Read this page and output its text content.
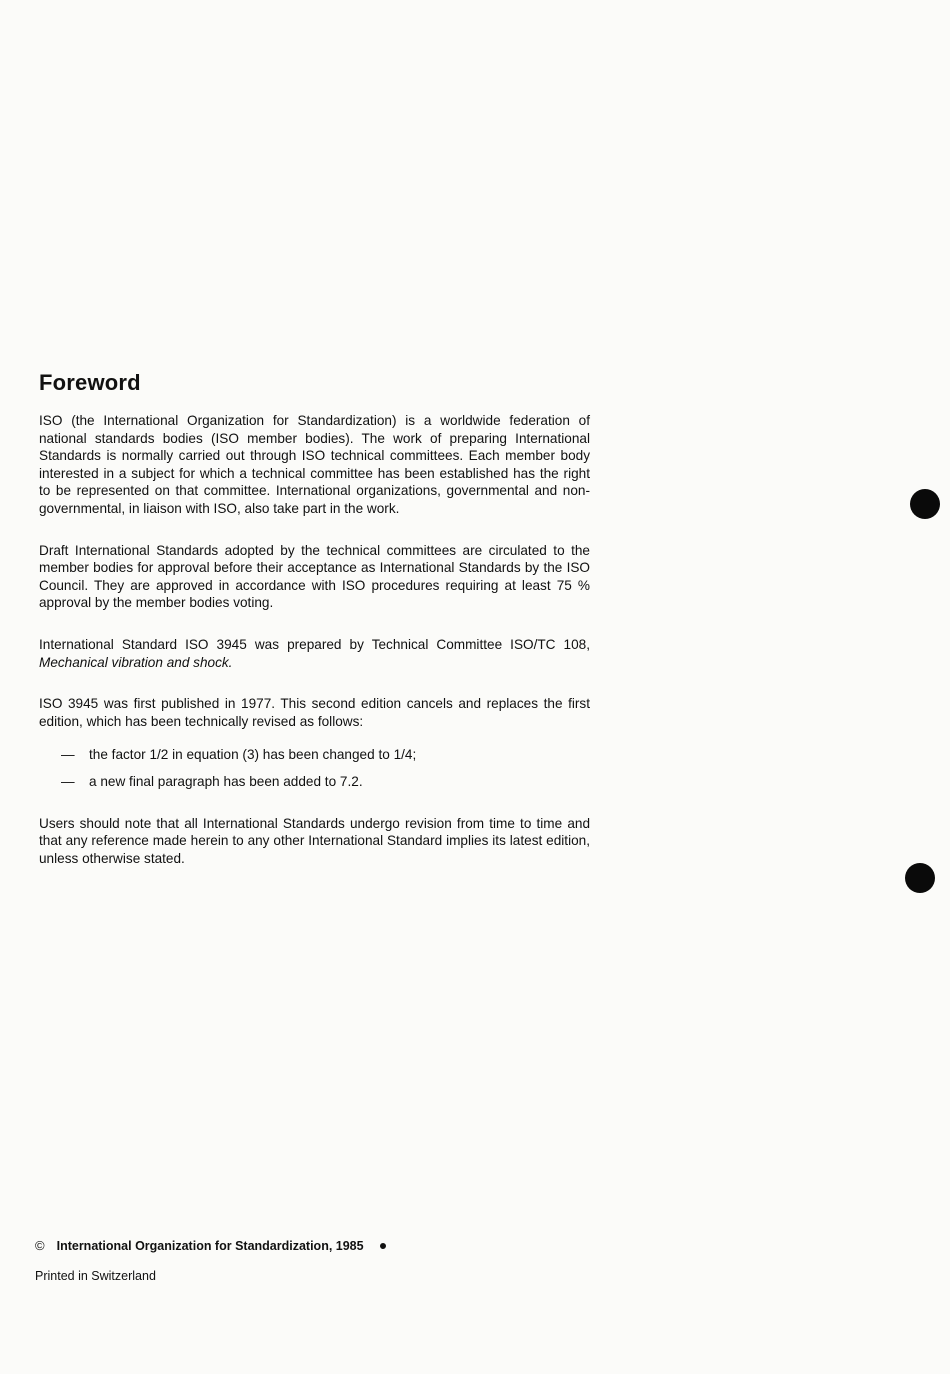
Foreword

ISO (the International Organization for Standardization) is a worldwide federation of national standards bodies (ISO member bodies). The work of preparing International Standards is normally carried out through ISO technical committees. Each member body interested in a subject for which a technical committee has been established has the right to be represented on that committee. International organizations, governmental and non-governmental, in liaison with ISO, also take part in the work.

Draft International Standards adopted by the technical committees are circulated to the member bodies for approval before their acceptance as International Standards by the ISO Council. They are approved in accordance with ISO procedures requiring at least 75 % approval by the member bodies voting.

International Standard ISO 3945 was prepared by Technical Committee ISO/TC 108, Mechanical vibration and shock.

ISO 3945 was first published in 1977. This second edition cancels and replaces the first edition, which has been technically revised as follows:

— the factor 1/2 in equation (3) has been changed to 1/4;
— a new final paragraph has been added to 7.2.

Users should note that all International Standards undergo revision from time to time and that any reference made herein to any other International Standard implies its latest edition, unless otherwise stated.

© International Organization for Standardization, 1985
Printed in Switzerland
